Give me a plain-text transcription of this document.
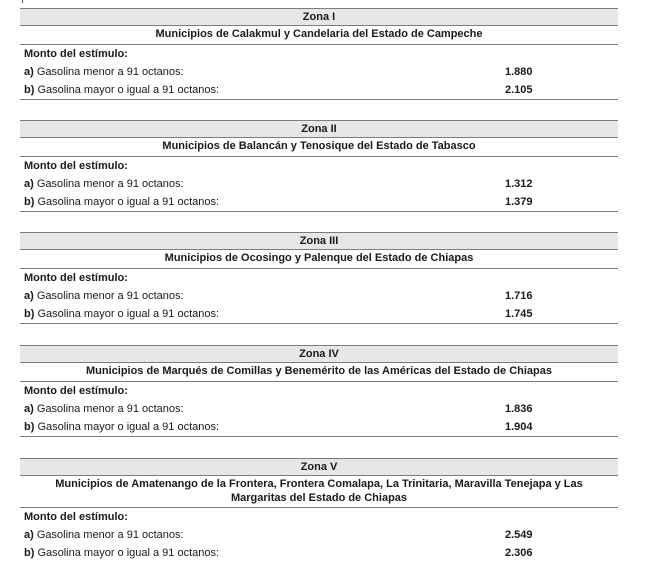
Zona I
Municipios de Calakmul y Candelaria del Estado de Campeche
Monto del estímulo:
a) Gasolina menor a 91 octanos:	1.880
b) Gasolina mayor o igual a 91 octanos:	2.105
Zona II
Municipios de Balancán y Tenosique del Estado de Tabasco
Monto del estímulo:
a) Gasolina menor a 91 octanos:	1.312
b) Gasolina mayor o igual a 91 octanos:	1.379
Zona III
Municipios de Ocosingo y Palenque del Estado de Chiapas
Monto del estímulo:
a) Gasolina menor a 91 octanos:	1.716
b) Gasolina mayor o igual a 91 octanos:	1.745
Zona IV
Municipios de Marqués de Comillas y Benemérito de las Américas del Estado de Chiapas
Monto del estímulo:
a) Gasolina menor a 91 octanos:	1.836
b) Gasolina mayor o igual a 91 octanos:	1.904
Zona V
Municipios de Amatenango de la Frontera, Frontera Comalapa, La Trinitaria, Maravilla Tenejapa y Las Margaritas del Estado de Chiapas
Monto del estímulo:
a) Gasolina menor a 91 octanos:	2.549
b) Gasolina mayor o igual a 91 octanos:	2.306
